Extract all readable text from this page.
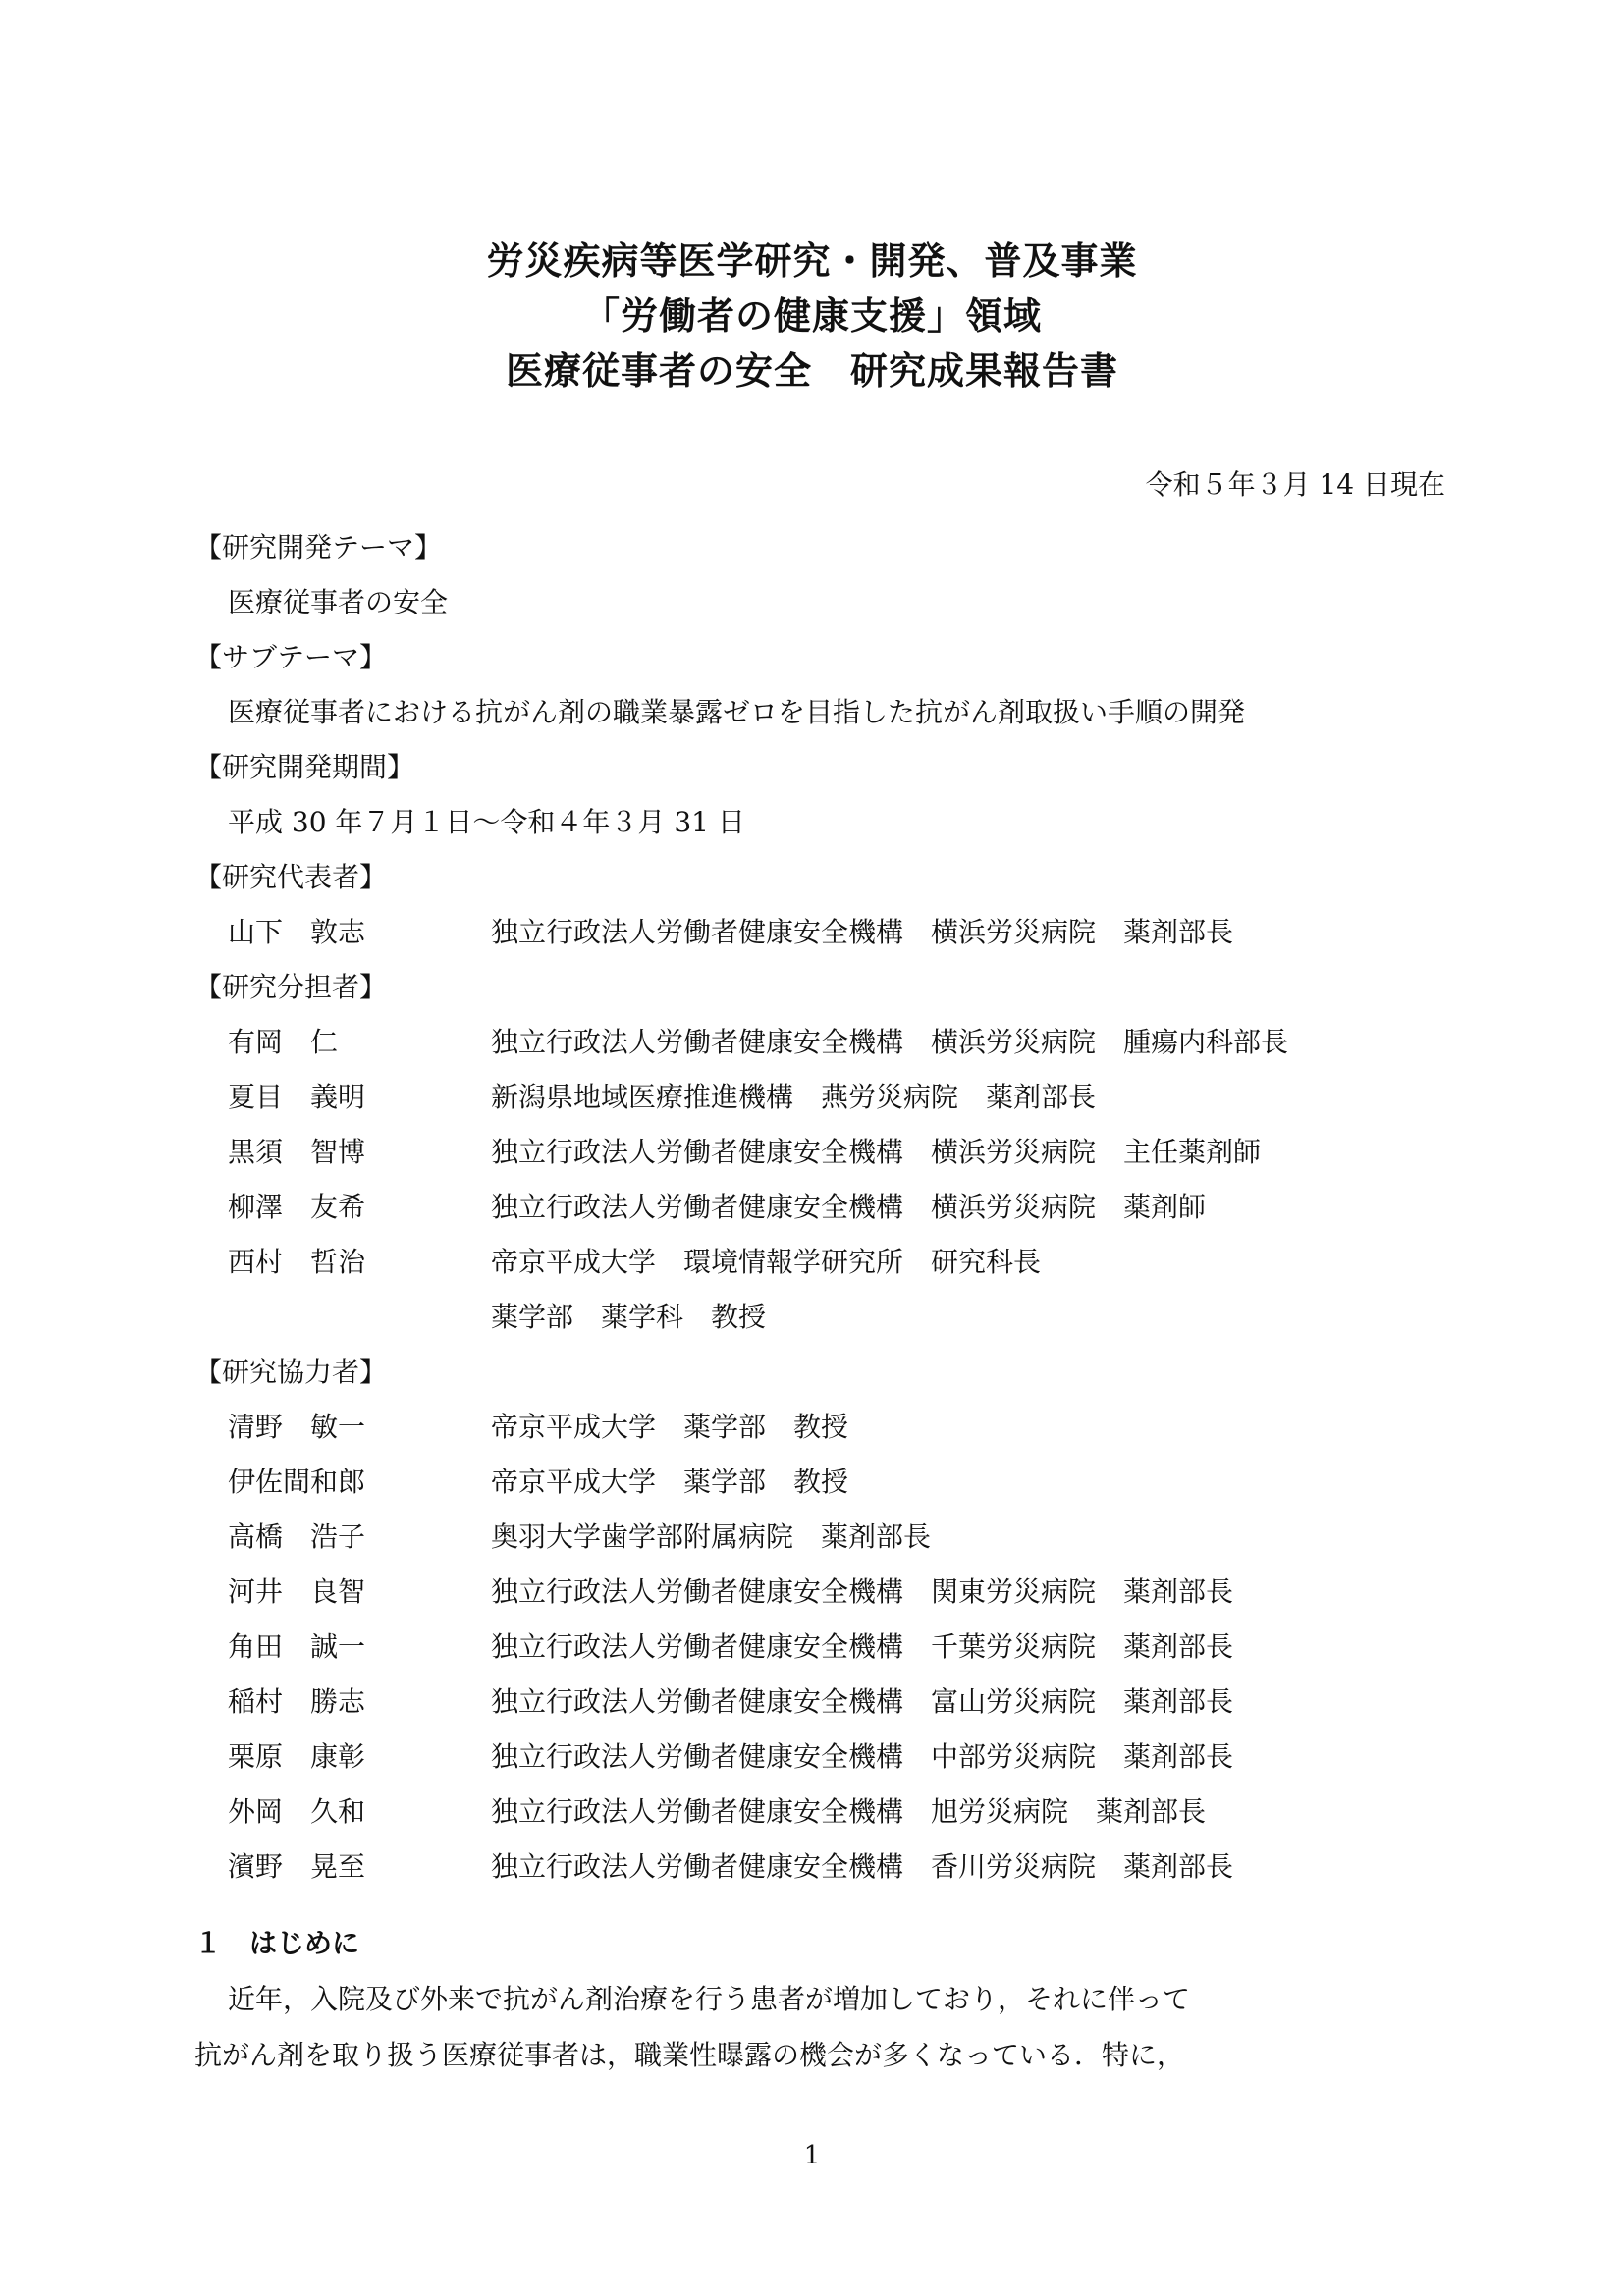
労災疾病等医学研究・開発、普及事業
「労働者の健康支援」領域
医療従事者の安全　研究成果報告書
令和５年３月 14 日現在
【研究開発テーマ】
医療従事者の安全
【サブテーマ】
医療従事者における抗がん剤の職業暴露ゼロを目指した抗がん剤取扱い手順の開発
【研究開発期間】
平成 30 年７月１日～令和４年３月 31 日
【研究代表者】
山下　敦志	独立行政法人労働者健康安全機構　横浜労災病院　薬剤部長
【研究分担者】
有岡　仁	独立行政法人労働者健康安全機構　横浜労災病院　腫瘍内科部長
夏目　義明	新潟県地域医療推進機構　燕労災病院　薬剤部長
黒須　智博	独立行政法人労働者健康安全機構　横浜労災病院　主任薬剤師
柳澤　友希	独立行政法人労働者健康安全機構　横浜労災病院　薬剤師
西村　哲治	帝京平成大学　環境情報学研究所　研究科長
薬学部　薬学科　教授
【研究協力者】
清野　敏一	帝京平成大学　薬学部　教授
伊佐間和郎	帝京平成大学　薬学部　教授
高橋　浩子	奥羽大学歯学部附属病院　薬剤部長
河井　良智	独立行政法人労働者健康安全機構　関東労災病院　薬剤部長
角田　誠一	独立行政法人労働者健康安全機構　千葉労災病院　薬剤部長
稲村　勝志	独立行政法人労働者健康安全機構　富山労災病院　薬剤部長
栗原　康彰	独立行政法人労働者健康安全機構　中部労災病院　薬剤部長
外岡　久和	独立行政法人労働者健康安全機構　旭労災病院　薬剤部長
濱野　晃至	独立行政法人労働者健康安全機構　香川労災病院　薬剤部長
１　はじめに

近年，入院及び外来で抗がん剤治療を行う患者が増加しており，それに伴って

抗がん剤を取り扱う医療従事者は，職業性曝露の機会が多くなっている．特に，

1
